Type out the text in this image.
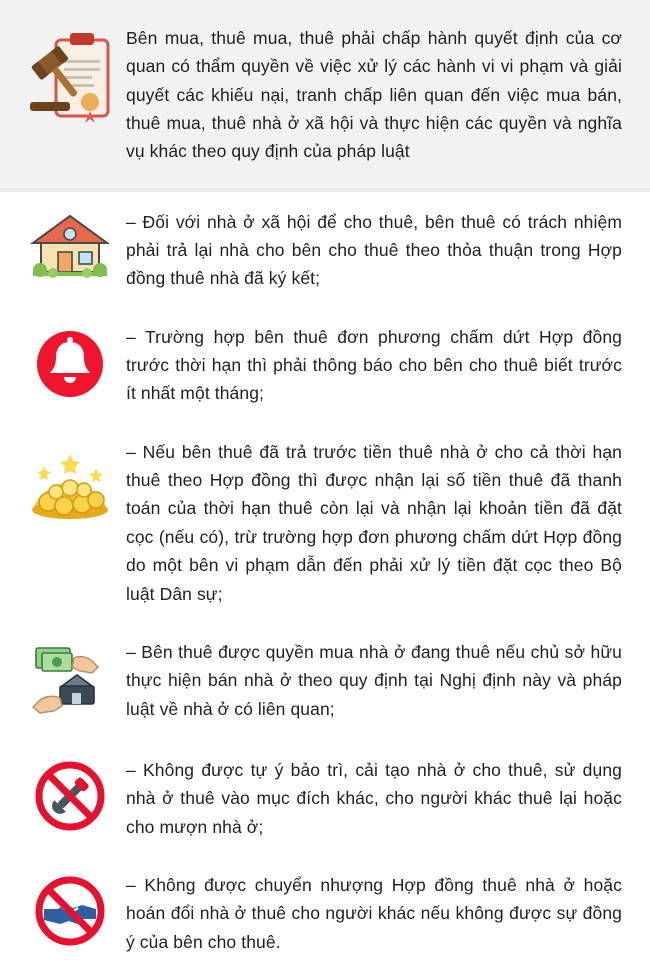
Bên mua, thuê mua, thuê phải chấp hành quyết định của cơ quan có thẩm quyền về việc xử lý các hành vi vi phạm và giải quyết các khiếu nại, tranh chấp liên quan đến việc mua bán, thuê mua, thuê nhà ở xã hội và thực hiện các quyền và nghĩa vụ khác theo quy định của pháp luật
– Đối với nhà ở xã hội để cho thuê, bên thuê có trách nhiệm phải trả lại nhà cho bên cho thuê theo thỏa thuận trong Hợp đồng thuê nhà đã ký kết;
– Trường hợp bên thuê đơn phương chấm dứt Hợp đồng trước thời hạn thì phải thông báo cho bên cho thuê biết trước ít nhất một tháng;
– Nếu bên thuê đã trả trước tiền thuê nhà ở cho cả thời hạn thuê theo Hợp đồng thì được nhận lại số tiền thuê đã thanh toán của thời hạn thuê còn lại và nhận lại khoản tiền đã đặt cọc (nếu có), trừ trường hợp đơn phương chấm dứt Hợp đồng do một bên vi phạm dẫn đến phải xử lý tiền đặt cọc theo Bộ luật Dân sự;
– Bên thuê được quyền mua nhà ở đang thuê nếu chủ sở hữu thực hiện bán nhà ở theo quy định tại Nghị định này và pháp luật về nhà ở có liên quan;
– Không được tự ý bảo trì, cải tạo nhà ở cho thuê, sử dụng nhà ở thuê vào mục đích khác, cho người khác thuê lại hoặc cho mượn nhà ở;
– Không được chuyển nhượng Hợp đồng thuê nhà ở hoặc hoán đổi nhà ở thuê cho người khác nếu không được sự đồng ý của bên cho thuê.
